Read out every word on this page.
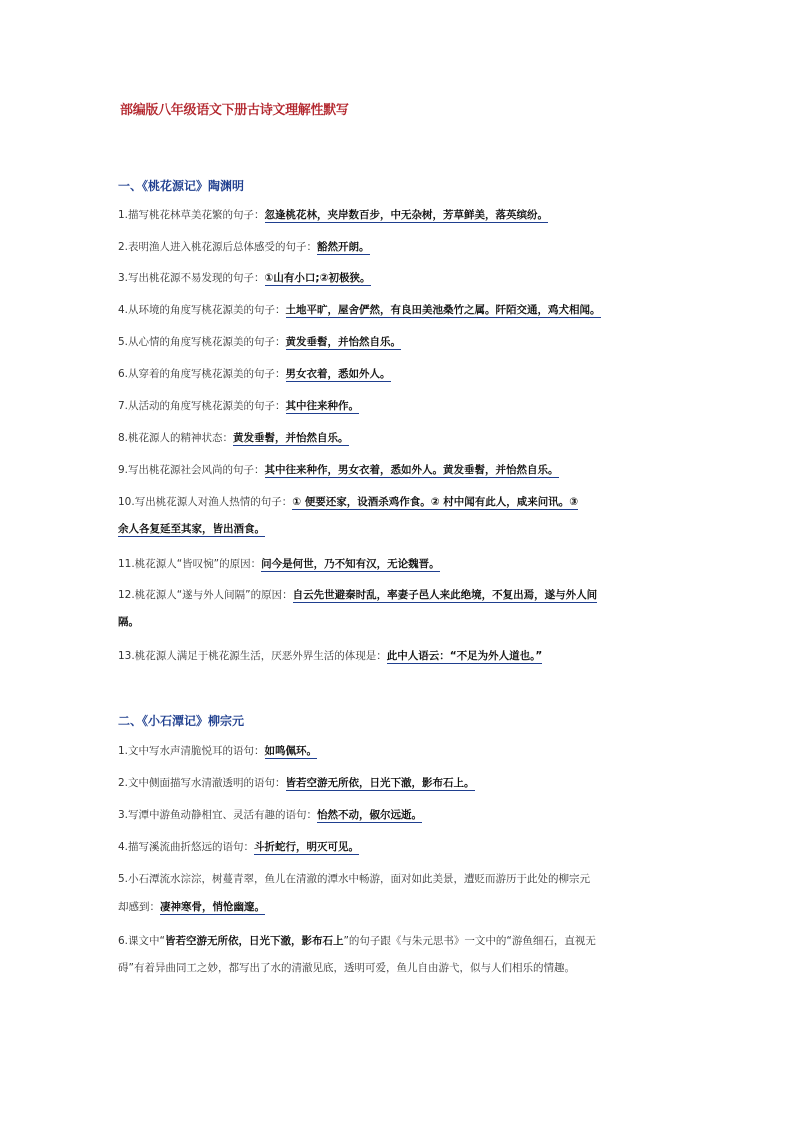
部编版八年级语文下册古诗文理解性默写
一、《桃花源记》陶渊明
1.描写桃花林草美花繁的句子：忽逢桃花林，夹岸数百步，中无杂树，芳草鲜美，落英缤纷。
2.表明渔人进入桃花源后总体感受的句子：豁然开朗。
3.写出桃花源不易发现的句子：①山有小口;②初极狭。
4.从环境的角度写桃花源美的句子：土地平旷，屋舍俨然，有良田美池桑竹之属。阡陌交通，鸡犬相闻。
5.从心情的角度写桃花源美的句子：黄发垂髫，并怡然自乐。
6.从穿着的角度写桃花源美的句子：男女衣着，悉如外人。
7.从活动的角度写桃花源美的句子：其中往来种作。
8.桃花源人的精神状态：黄发垂髫，并怡然自乐。
9.写出桃花源社会风尚的句子：其中往来种作，男女衣着，悉如外人。黄发垂髫，并怡然自乐。
10.写出桃花源人对渔人热情的句子：① 便要还家，设酒杀鸡作食。② 村中闻有此人，咸来问讯。③
余人各复延至其家，皆出酒食。
11.桃花源人“皆叹惋”的原因：问今是何世，乃不知有汉，无论魏晋。
12.桃花源人“遂与外人间隔”的原因：自云先世避秦时乱，率妻子邑人来此绝境，不复出焉，遂与外人间
隔。
13.桃花源人满足于桃花源生活，厌恶外界生活的体现是：此中人语云：“不足为外人道也。”
二、《小石潭记》柳宗元
1.文中写水声清脆悦耳的语句：如鸣佩环。
2.文中侧面描写水清澈透明的语句：皆若空游无所依，日光下澈，影布石上。
3.写潭中游鱼动静相宜、灵活有趣的语句：怡然不动，俶尔远逝。
4.描写溪流曲折悠远的语句：斗折蛇行，明灭可见。
5.小石潭流水淙淙，树蔓青翠，鱼儿在清澈的潭水中畅游，面对如此美景，遭贬而游历于此处的柳宗元
却感到：凄神寒骨，悄怆幽邃。
6.课文中“皆若空游无所依，日光下澈，影布石上”的句子跟《与朱元思书》一文中的“游鱼细石，直视无
碍”有着异曲同工之妙，都写出了水的清澈见底，透明可爱，鱼儿自由游弋，似与人们相乐的情趣。
